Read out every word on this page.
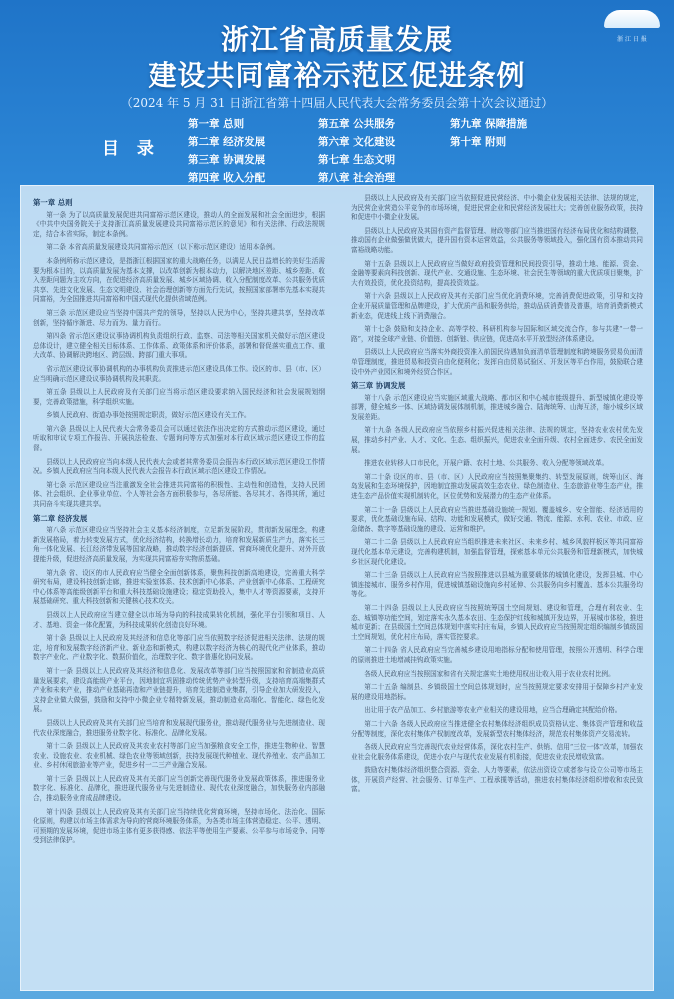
浙 江 日 报
浙江省高质量发展
建设共同富裕示范区促进条例
（2024 年 5 月 31 日浙江省第十四届人民代表大会常务委员会第十次会议通过）
目 录
第一章 总则	第五章 公共服务	第九章 保障措施
第二章 经济发展	第六章 文化建设	第十章 附则
第三章 协调发展	第七章 生态文明
第四章 收入分配	第八章 社会治理
第一章 总则
第一条 为了以高质量发展促进共同富裕示范区建设，推动人的全面发展和社会全面进步，根据《中共中央国务院关于支持浙江高质量发展建设共同富裕示范区的意见》和有关法律、行政法规规定，结合本省实际，制定本条例。
第二条 本省高质量发展建设共同富裕示范区（以下称示范区建设）适用本条例。
本条例所称示范区建设，是指浙江根据国家的重大战略任务，以满足人民日益增长的美好生活需要为根本目的，以高质量发展为基本支撑，以改革创新为根本动力，以解决地区差距、城乡差距、收入差距问题为主攻方向，在促进经济高质量发展、城乡区域协调、收入分配制度改革、公共服务优质共享、先进文化发展、生态文明建设、社会治理创新等方面先行先试，按照国家部署率先基本实现共同富裕，为全国推进共同富裕和中国式现代化提供省域范例。
第三条 示范区建设应当坚持中国共产党的领导，坚持以人民为中心，坚持共建共享，坚持改革创新，坚持循序渐进、尽力而为、量力而行。
第四条 省示范区建设议事协调机构负责组织行政、监察、司法等相关国家机关做好示范区建设总体设计，建立健全相关目标体系、工作体系、政策体系和评价体系，部署和督促落实重点工作、重大改革、协调解决跨地区、跨层级、跨部门重大事项。
省示范区建设议事协调机构的办事机构负责推进示范区建设具体工作。设区的市、县（市、区）应当明确示范区建设议事协调机构及其职责。
第五条 县级以上人民政府及有关部门应当将示范区建设要求纳入国民经济和社会发展规划纲要，完善政策措施，科学组织实施。
乡镇人民政府、街道办事处按照规定职责，做好示范区建设有关工作。
第六条 县级以上人民代表大会常务委员会可以通过依法作出决定的方式推动示范区建设，通过听取和审议专项工作报告、开展执法检查、专题询问等方式加强对本行政区域示范区建设工作的监督。
县级以上人民政府应当向本级人民代表大会或者其常务委员会报告本行政区域示范区建设工作情况。乡镇人民政府应当向本级人民代表大会报告本行政区域示范区建设工作情况。
第七条 示范区建设应当注重激发全社会推进共同富裕的积极性、主动性和创造性，支持人民团体、社会组织、企业事业单位、个人等社会各方面积极参与，各尽所能、各尽其才、各得其所，通过共同奋斗实现共建共享。
第二章 经济发展
第八条 示范区建设应当坚持社会主义基本经济制度，立足新发展阶段，贯彻新发展理念，构建新发展格局，着力转变发展方式，优化经济结构，转换增长动力，培育和发展新质生产力，落实长三角一体化发展、长江经济带发展等国家战略，推动数字经济创新提质、营商环境优化提升、对外开放提能升级，促进经济高质量发展，为实现共同富裕夯实物质基础。
第九条 省、设区的市人民政府应当健全全面创新体系，聚焦科技创新高地建设，完善重大科学研究布局，建设科技创新走廊，推进实验室体系、技术创新中心体系、产业创新中心体系、工程研究中心体系等高能级创新平台和重大科技基础设施建设；稳定资助投入，集中人才等资源要素，支持开展基础研究、重大科技创新和关键核心技术攻关。
县级以上人民政府应当建立健全以市场为导向的科技成果转化机制，强化平台引领和项目、人才、基地、资金一体化配置，为科技成果转化创造良好环境。
第十条 县级以上人民政府及其经济和信息化等部门应当依照数字经济促进相关法律、法规的规定，培育和发展数字经济新产业、新业态和新模式，构建以数字经济为核心的现代化产业体系，推动数字产业化、产业数字化、数据价值化，治理数字化、数字普惠化协同发展。
第十一条 县级以上人民政府及其经济和信息化、发展改革等部门应当按照国家和省制造业高质量发展要求，建设高能级产业平台，因地制宜巩固推动传统优势产业转型升级，支持培育高端集群式产业和未来产业，推动产业基础再造和产业链提升，培育先进制造业集群，引导企业加大研发投入，支持企业做大做强，鼓励和支持中小微企业专精特新发展，推动制造业高端化、智能化、绿色化发展。
县级以上人民政府及其有关部门应当培育和发展现代服务业，推动现代服务业与先进制造业、现代农业深度融合，推进服务业数字化、标准化、品牌化发展。
第十二条 县级以上人民政府及其农业农村等部门应当加强粮食安全工作，推进生物种业、智慧农业、设施农业、农业机械、绿色农业等领域创新，扶持发展现代种植业、现代养殖业、农产品加工业、乡村休闲旅游业等产业，促进乡村一二三产业融合发展。
第十三条 县级以上人民政府及其有关部门应当创新完善现代服务业发展政策体系，推进服务业数字化、标准化、品牌化，推进现代服务业与先进制造业、现代农业深度融合，加快服务业内部融合，推动服务业育成品牌建设。
第十四条 县级以上人民政府及其有关部门应当持续优化营商环境，坚持市场化、法治化、国际化原则，构建以市场主体需求为导向的营商环境服务体系，为各类市场主体营造稳定、公平、透明、可预期的发展环境，促进市场主体有更多获得感、依法平等使用生产要素、公平参与市场竞争、同等受到法律保护。
县级以上人民政府及有关部门应当依照促进民营经济、中小微企业发展相关法律、法规的规定，为民营企业营造公平竞争的市场环境，促进民营企业和民营经济发展壮大；完善创业服务政策，扶持和促进中小微企业发展。
县级以上人民政府及其国有资产监督管理、财政等部门应当推进国有经济布局优化和结构调整，推动国有企业做强做优做大，提升国有资本运营效益，公共服务等领域投入，强化国有资本推动共同富裕战略功能。
第十五条 县级以上人民政府应当做好政府投资管理和民间投资引导，推动土地、能源、资金、金融等要素向科技创新、现代产业、交通设施、生态环境、社会民生等领域的重大优质项目聚集，扩大有效投资，优化投资结构，提高投资效益。
第十六条 县级以上人民政府及其有关部门应当优化消费环境，完善消费促进政策，引导和支持企业开展质量管理和品牌建设，扩大优质产品和服务供给，推动品质消费普及普惠，培育消费新模式新业态，促进线上线下消费融合。
第十七条 鼓励和支持企业、高等学校、科研机构参与国际和区域交流合作，参与共建“一带一路”，对接全球产业链、价值链、创新链、供应链，促进高水平开放型经济体系建设。
县级以上人民政府应当落实外商投资准入前国民待遇加负面清单管理制度和跨境服务贸易负面清单管理制度，推进贸易和投资自由化便利化；发挥自由贸易试验区、开发区等平台作用，鼓励联合建设中外产业园区和境外经贸合作区。
第三章 协调发展
第十八条 示范区建设应当实施区域重大战略、都市区和中心城市能级提升、新型城镇化建设等部署，健全城乡一体、区域协调发展体制机制，推进城乡融合、陆海统筹、山海互济，缩小城乡区域发展差距。
第十九条 各级人民政府应当依照乡村振兴促进相关法律、法规的规定，坚持农业农村优先发展，推动乡村产业、人才、文化、生态、组织振兴，促进农业全面升级、农村全面进步、农民全面发展。
推进农业转移人口市民化，开展户籍、农村土地、公共服务、收入分配等领域改革。
第二十条 设区的市、县（市、区）人民政府应当按照集聚集约、转型发展原则，统筹山区、海岛发展和生态环境保护，因地制宜推动发展高效生态农业、绿色制造业、生态旅游业等生态产业，推进生态产品价值实现机制转化，区位优势和发展潜力的生态产业体系。
第二十一条 县级以上人民政府应当推进基础设施统一规划、覆盖城乡、安全智能、经济适用的要求，优化基础设施布局、结构、功能和发展模式，做好交通、物流、能源、水利、农业、市政、应急储备、数字等基础设施的建设、运营和维护。
第二十二条 县级以上人民政府应当组织推进未来社区、未来乡村、城乡风貌样板区等共同富裕现代化基本单元建设，完善构建机制，加强监督管理，探索基本单元公共服务和管理新模式，加快城乡社区现代化建设。
第二十三条 县级以上人民政府应当按照推进以县城为重要载体的城镇化建设，发挥县城、中心镇连接城市、服务乡村作用，促进城镇基础设施向乡村延伸、公共服务向乡村覆盖、基本公共服务均等化。
第二十四条 县级以上人民政府应当按照统筹国土空间规划、建设和管理，合理有利农业、生态、城镇等功能空间，划定落实永久基本农田、生态保护红线和城镇开发边界，开展城市体检，推进城市更新；在县级国土空间总体规划中落实村庄布局，乡镇人民政府应当按照规定组织编制乡镇级国土空间规划，优化村庄布局，落实管控要求。
第二十四条 省人民政府应当完善城乡建设用地指标分配和使用管理，按照公开透明、科学合理的原则推进土地增减挂钩政策实施。
各级人民政府应当按照国家和省有关规定落实土地使用权出让收入用于农业农村比例。
第二十五条 编制县、乡镇级国土空间总体规划时，应当按照规定要求安排用于保障乡村产业发展的建设用地指标。
出让用于农产品加工、乡村旅游等农业产业相关的建设用地，应当合理确定其配给价格。
第二十六条 各级人民政府应当推进健全农村集体经济组织成员资格认定、集体资产管理和收益分配等制度，深化农村集体产权制度改革，发展新型农村集体经济，规范农村集体资产交易流转。
各级人民政府应当完善现代农业经营体系，深化农村生产、供销、信用“三位一体”改革，加强农业社会化服务体系建设，促进小农户与现代农业发展有机衔接，促进农业农民增收致富。
鼓励农村集体经济组织整合资源、资金、人力等要素，依法出资设立或者参与设立公司等市场主体，开展资产经营、社会服务、订单生产、工程承揽等活动，推进农村集体经济组织增收和农民致富。
